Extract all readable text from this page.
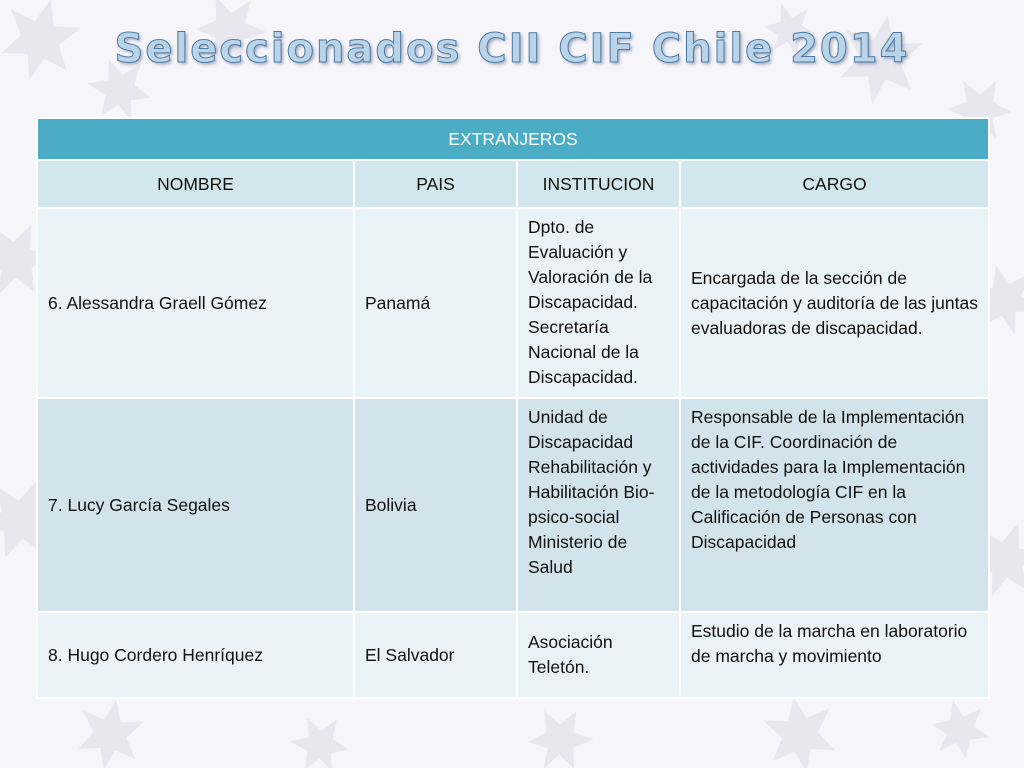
Seleccionados CII CIF Chile 2014
EXTRANJEROS			
NOMBRE	PAIS	INSTITUCION	CARGO
6. Alessandra Graell Gómez	Panamá	Dpto. de Evaluación y Valoración de la Discapacidad. Secretaría Nacional de la Discapacidad.	Encargada de la sección de capacitación y auditoría de las juntas evaluadoras de discapacidad.
7. Lucy García Segales	Bolivia	Unidad de Discapacidad Rehabilitación y Habilitación Bio-psico-social Ministerio de Salud	Responsable de la Implementación de la CIF. Coordinación de actividades para la Implementación de la metodología CIF en la Calificación de Personas con Discapacidad
8. Hugo Cordero Henríquez	El Salvador	Asociación Teletón.	Estudio de la marcha en laboratorio de marcha y movimiento
